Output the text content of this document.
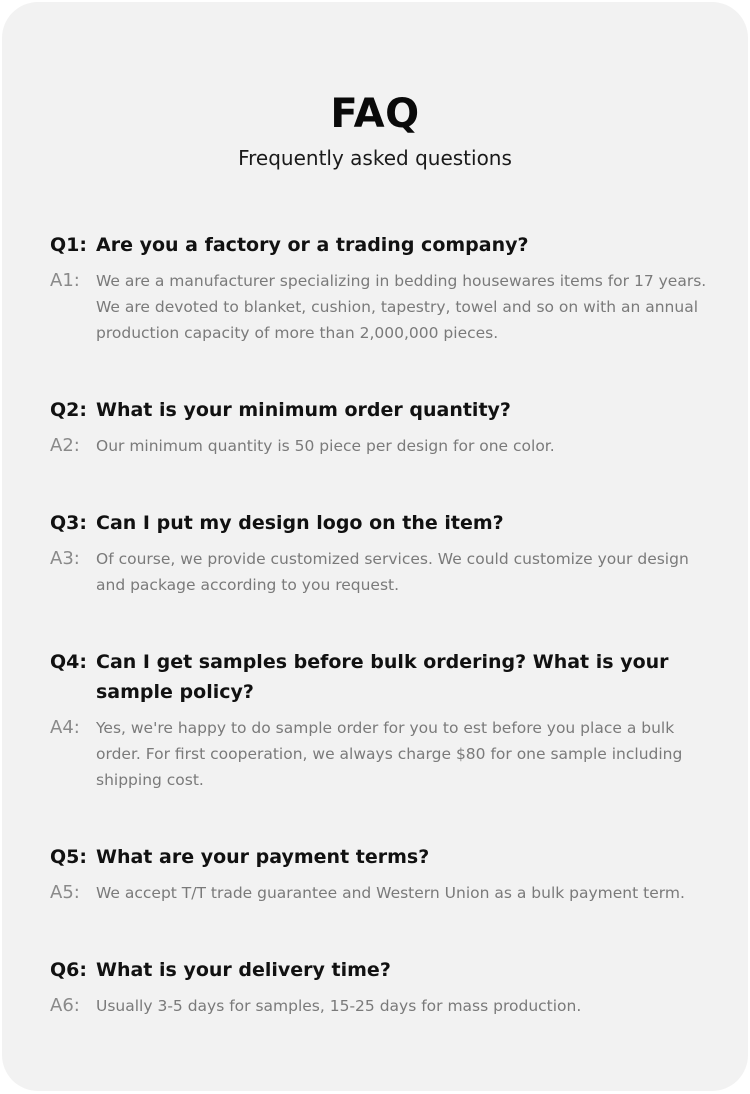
FAQ

Frequently asked questions

Q1: Are you a factory or a trading company?
A1:	We are a manufacturer specializing in bedding housewares items for 17 years. We are devoted to blanket, cushion, tapestry, towel and so on with an annual production capacity of more than 2,000,000 pieces.
Q2: What is your minimum order quantity?
A2:	Our minimum quantity is 50 piece per design for one color.
Q3: Can I put my design logo on the item?
A3:	Of course, we provide customized services. We could customize your design and package according to you request.
Q4: Can I get samples before bulk ordering? What is your sample policy?
A4:	Yes, we're happy to do sample order for you to est before you place a bulk order. For first cooperation, we always charge $80 for one sample including shipping cost.
Q5: What are your payment terms?
A5:	We accept T/T trade guarantee and Western Union as a bulk payment term.
Q6: What is your delivery time?
A6:	Usually 3-5 days for samples, 15-25 days for mass production.
